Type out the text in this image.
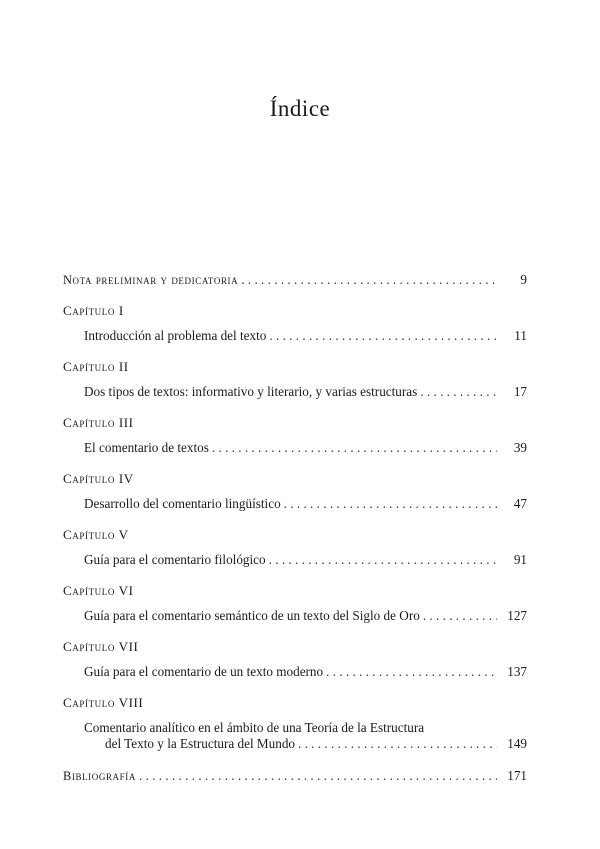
Índice
Nota preliminar y dedicatoria . . .	9
Capítulo I
Introducción al problema del texto . . .	11
Capítulo II
Dos tipos de textos: informativo y literario, y varias estructuras . . .	17
Capítulo III
El comentario de textos . . .	39
Capítulo IV
Desarrollo del comentario lingüístico . . .	47
Capítulo V
Guía para el comentario filológico . . .	91
Capítulo VI
Guía para el comentario semántico de un texto del Siglo de Oro . . .	127
Capítulo VII
Guía para el comentario de un texto moderno . . .	137
Capítulo VIII
Comentario analítico en el ámbito de una Teoría de la Estructura
del Texto y la Estructura del Mundo . . .	149
Bibliografía . . .	171
